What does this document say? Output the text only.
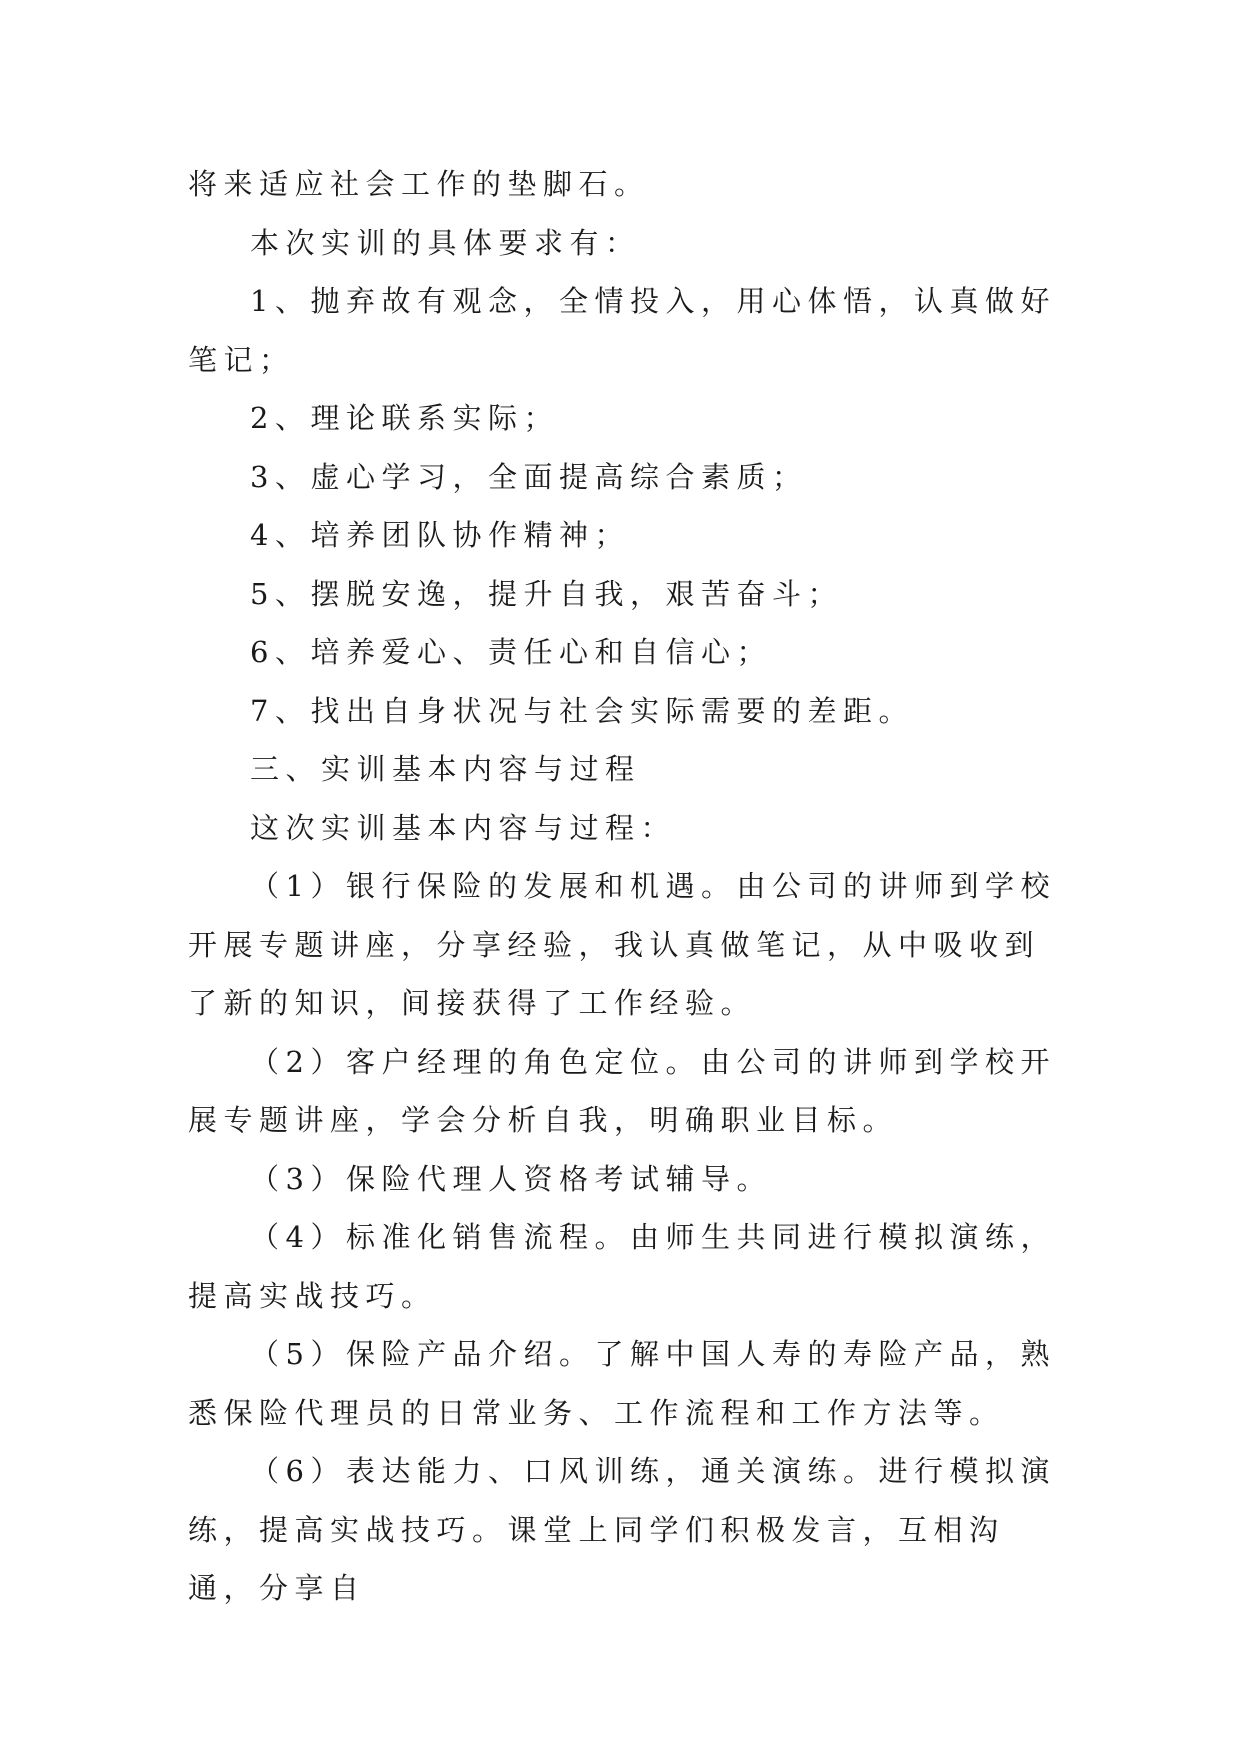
将来适应社会工作的垫脚石。

本次实训的具体要求有：

1、抛弃故有观念，全情投入，用心体悟，认真做好笔记；

2、理论联系实际；

3、虚心学习，全面提高综合素质；

4、培养团队协作精神；

5、摆脱安逸，提升自我，艰苦奋斗；

6、培养爱心、责任心和自信心；

7、找出自身状况与社会实际需要的差距。

三、实训基本内容与过程

这次实训基本内容与过程：

（1）银行保险的发展和机遇。由公司的讲师到学校开展专题讲座，分享经验，我认真做笔记，从中吸收到了新的知识，间接获得了工作经验。

（2）客户经理的角色定位。由公司的讲师到学校开展专题讲座，学会分析自我，明确职业目标。

（3）保险代理人资格考试辅导。

（4）标准化销售流程。由师生共同进行模拟演练，提高实战技巧。

（5）保险产品介绍。了解中国人寿的寿险产品，熟悉保险代理员的日常业务、工作流程和工作方法等。

（6）表达能力、口风训练，通关演练。进行模拟演练，提高实战技巧。课堂上同学们积极发言，互相沟通，分享自
